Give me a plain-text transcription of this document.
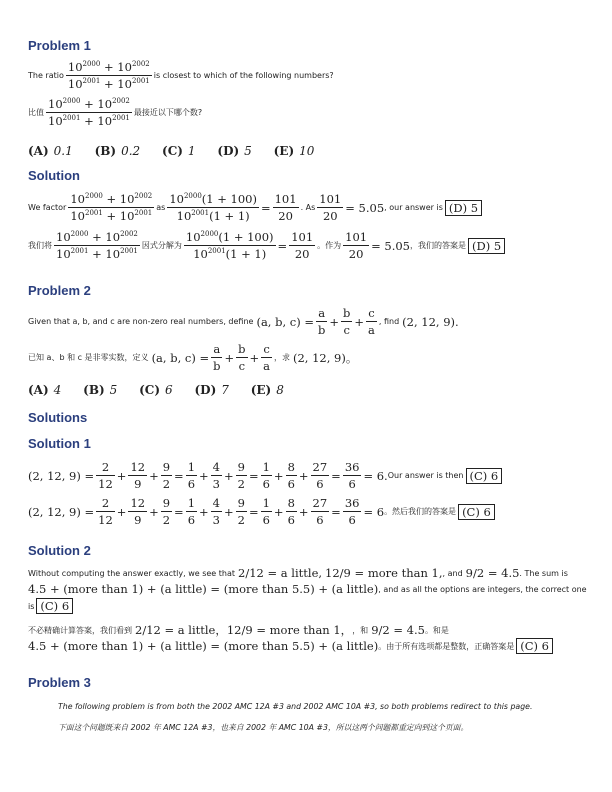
Problem 1
The ratio $\frac{10^{2000} + 10^{2002}}{10^{2001} + 10^{2001}}$ is closest to which of the following numbers?
比值 $\frac{10^{2000} + 10^{2002}}{10^{2001} + 10^{2001}}$ 最接近以下哪个数?
(A) 0.1 (B) 0.2 (C) 1 (D) 5 (E) 10
Solution
We factor $\frac{10^{2000} + 10^{2002}}{10^{2001} + 10^{2001}}$ as $\frac{10^{2000}(1 + 100)}{10^{2001}(1 + 1)} = \frac{101}{20}$ . As $\frac{101}{20} = 5.05$ , our answer is (D) 5
我们将 $\frac{10^{2000} + 10^{2002}}{10^{2001} + 10^{2001}}$ 因式分解为 $\frac{10^{2000}(1 + 100)}{10^{2001}(1 + 1)} = \frac{101}{20}$ 。作为 $\frac{101}{20} = 5.05$ ，我们的答案是 (D) 5
Problem 2
Given that a, b, and c are non-zero real numbers, define (a, b, $c) = \frac{a}{b} + \frac{b}{c} + \frac{c}{a}$ , find (2, 12, 9).
已知 a、b 和 c 是非零实数，定义 (a, b, $c) = \frac{a}{b} + \frac{b}{c} + \frac{c}{a}$ ，求 (2, 12, 9)。
(A) 4 (B) 5 (C) 6 (D) 7 (E) 8
Solutions
Solution 1
(2, 12, $9) = \frac{2}{12} + \frac{12}{9} + \frac{9}{2} = \frac{1}{6} + \frac{4}{3} + \frac{9}{2} = \frac{1}{6} + \frac{8}{6} + \frac{27}{6} = \frac{36}{6} = 6$. Our answer is then (C) 6
(2, 12, $9) = \frac{2}{12} + \frac{12}{9} + \frac{9}{2} = \frac{1}{6} + \frac{4}{3} + \frac{9}{2} = \frac{1}{6} + \frac{8}{6} + \frac{27}{6} = \frac{36}{6} = 6$ 。然后我们的答案是 (C) 6
Solution 2
Without computing the answer exactly, we see that 2/12 = a little, 12/9 = more than 1, , and 9/2 = 4.5 . The sum is
4.5 + (more than 1) + (a little) = (more than 5.5) + (a little) , and as all the options are integers, the correct one
is (C) 6
不必精确计算答案，我们看到 2/12 = a little，12/9 = more than 1， ，和 9/2 = 4.5 。和是
4.5 + (more than 1) + (a little) = (more than 5.5) + (a little) 。由于所有选项都是整数，正确答案是 (C) 6
Problem 3
The following problem is from both the 2002 AMC 12A #3 and 2002 AMC 10A #3, so both problems redirect to this page.
下面这个问题既来自 2002 年 AMC 12A #3，也来自 2002 年 AMC 10A #3，所以这两个问题都重定向到这个页面。
